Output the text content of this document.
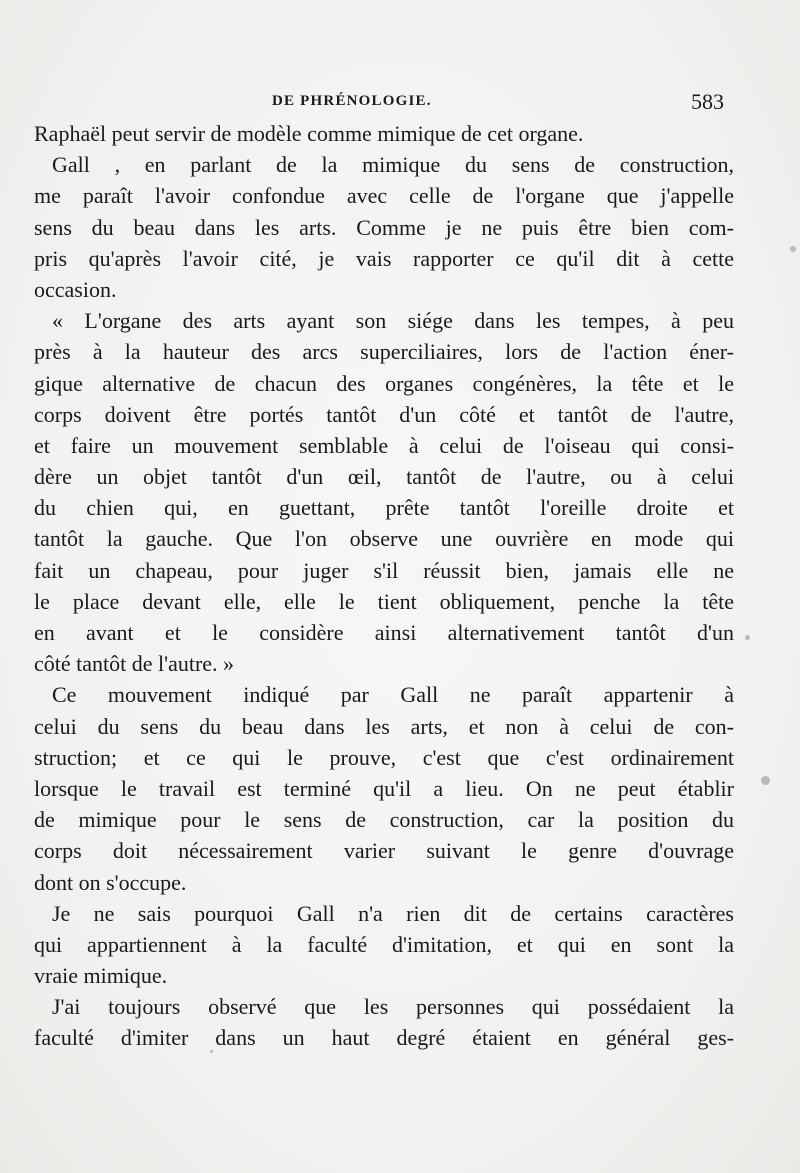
DE PHRÉNOLOGIE.	583
Raphaël peut servir de modèle comme mimique de cet organe.
Gall , en parlant de la mimique du sens de construction,
me paraît l'avoir confondue avec celle de l'organe que j'appelle
sens du beau dans les arts. Comme je ne puis être bien com-
pris qu'après l'avoir cité, je vais rapporter ce qu'il dit à cette
occasion.
« L'organe des arts ayant son siége dans les tempes, à peu
près à la hauteur des arcs superciliaires, lors de l'action éner-
gique alternative de chacun des organes congénères, la tête et le
corps doivent être portés tantôt d'un côté et tantôt de l'autre,
et faire un mouvement semblable à celui de l'oiseau qui consi-
dère un objet tantôt d'un œil, tantôt de l'autre, ou à celui
du chien qui, en guettant, prête tantôt l'oreille droite et
tantôt la gauche. Que l'on observe une ouvrière en mode qui
fait un chapeau, pour juger s'il réussit bien, jamais elle ne
le place devant elle, elle le tient obliquement, penche la tête
en avant et le considère ainsi alternativement tantôt d'un
côté tantôt de l'autre. »
Ce mouvement indiqué par Gall ne paraît appartenir à
celui du sens du beau dans les arts, et non à celui de con-
struction; et ce qui le prouve, c'est que c'est ordinairement
lorsque le travail est terminé qu'il a lieu. On ne peut établir
de mimique pour le sens de construction, car la position du
corps doit nécessairement varier suivant le genre d'ouvrage
dont on s'occupe.
Je ne sais pourquoi Gall n'a rien dit de certains caractères
qui appartiennent à la faculté d'imitation, et qui en sont la
vraie mimique.
J'ai toujours observé que les personnes qui possédaient la
faculté d'imiter dans un haut degré étaient en général ges-
